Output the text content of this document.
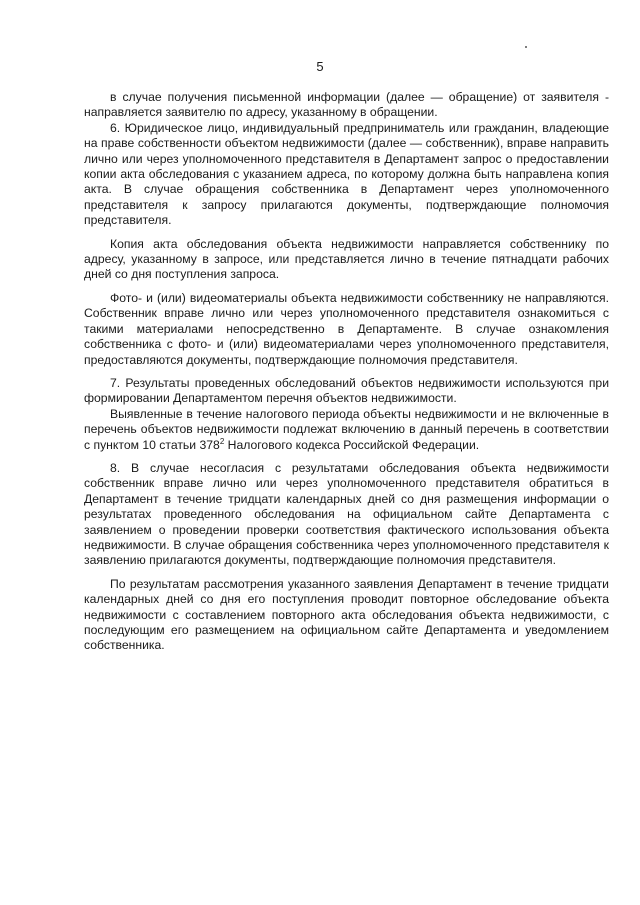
5

в случае получения письменной информации (далее — обращение) от заявителя - направляется заявителю по адресу, указанному в обращении.

6. Юридическое лицо, индивидуальный предприниматель или гражданин, владеющие на праве собственности объектом недвижимости (далее — собственник), вправе направить лично или через уполномоченного представителя в Департамент запрос о предоставлении копии акта обследования с указанием адреса, по которому должна быть направлена копия акта. В случае обращения собственника в Департамент через уполномоченного представителя к запросу прилагаются документы, подтверждающие полномочия представителя.

Копия акта обследования объекта недвижимости направляется собственнику по адресу, указанному в запросе, или представляется лично в течение пятнадцати рабочих дней со дня поступления запроса.

Фото- и (или) видеоматериалы объекта недвижимости собственнику не направляются. Собственник вправе лично или через уполномоченного представителя ознакомиться с такими материалами непосредственно в Департаменте. В случае ознакомления собственника с фото- и (или) видеоматериалами через уполномоченного представителя, предоставляются документы, подтверждающие полномочия представителя.

7. Результаты проведенных обследований объектов недвижимости используются при формировании Департаментом перечня объектов недвижимости.

Выявленные в течение налогового периода объекты недвижимости и не включенные в перечень объектов недвижимости подлежат включению в данный перечень в соответствии с пунктом 10 статьи $378^2$ Налогового кодекса Российской Федерации.

8. В случае несогласия с результатами обследования объекта недвижимости собственник вправе лично или через уполномоченного представителя обратиться в Департамент в течение тридцати календарных дней со дня размещения информации о результатах проведенного обследования на официальном сайте Департамента с заявлением о проведении проверки соответствия фактического использования объекта недвижимости. В случае обращения собственника через уполномоченного представителя к заявлению прилагаются документы, подтверждающие полномочия представителя.

По результатам рассмотрения указанного заявления Департамент в течение тридцати календарных дней со дня его поступления проводит повторное обследование объекта недвижимости с составлением повторного акта обследования объекта недвижимости, с последующим его размещением на официальном сайте Департамента и уведомлением собственника.
